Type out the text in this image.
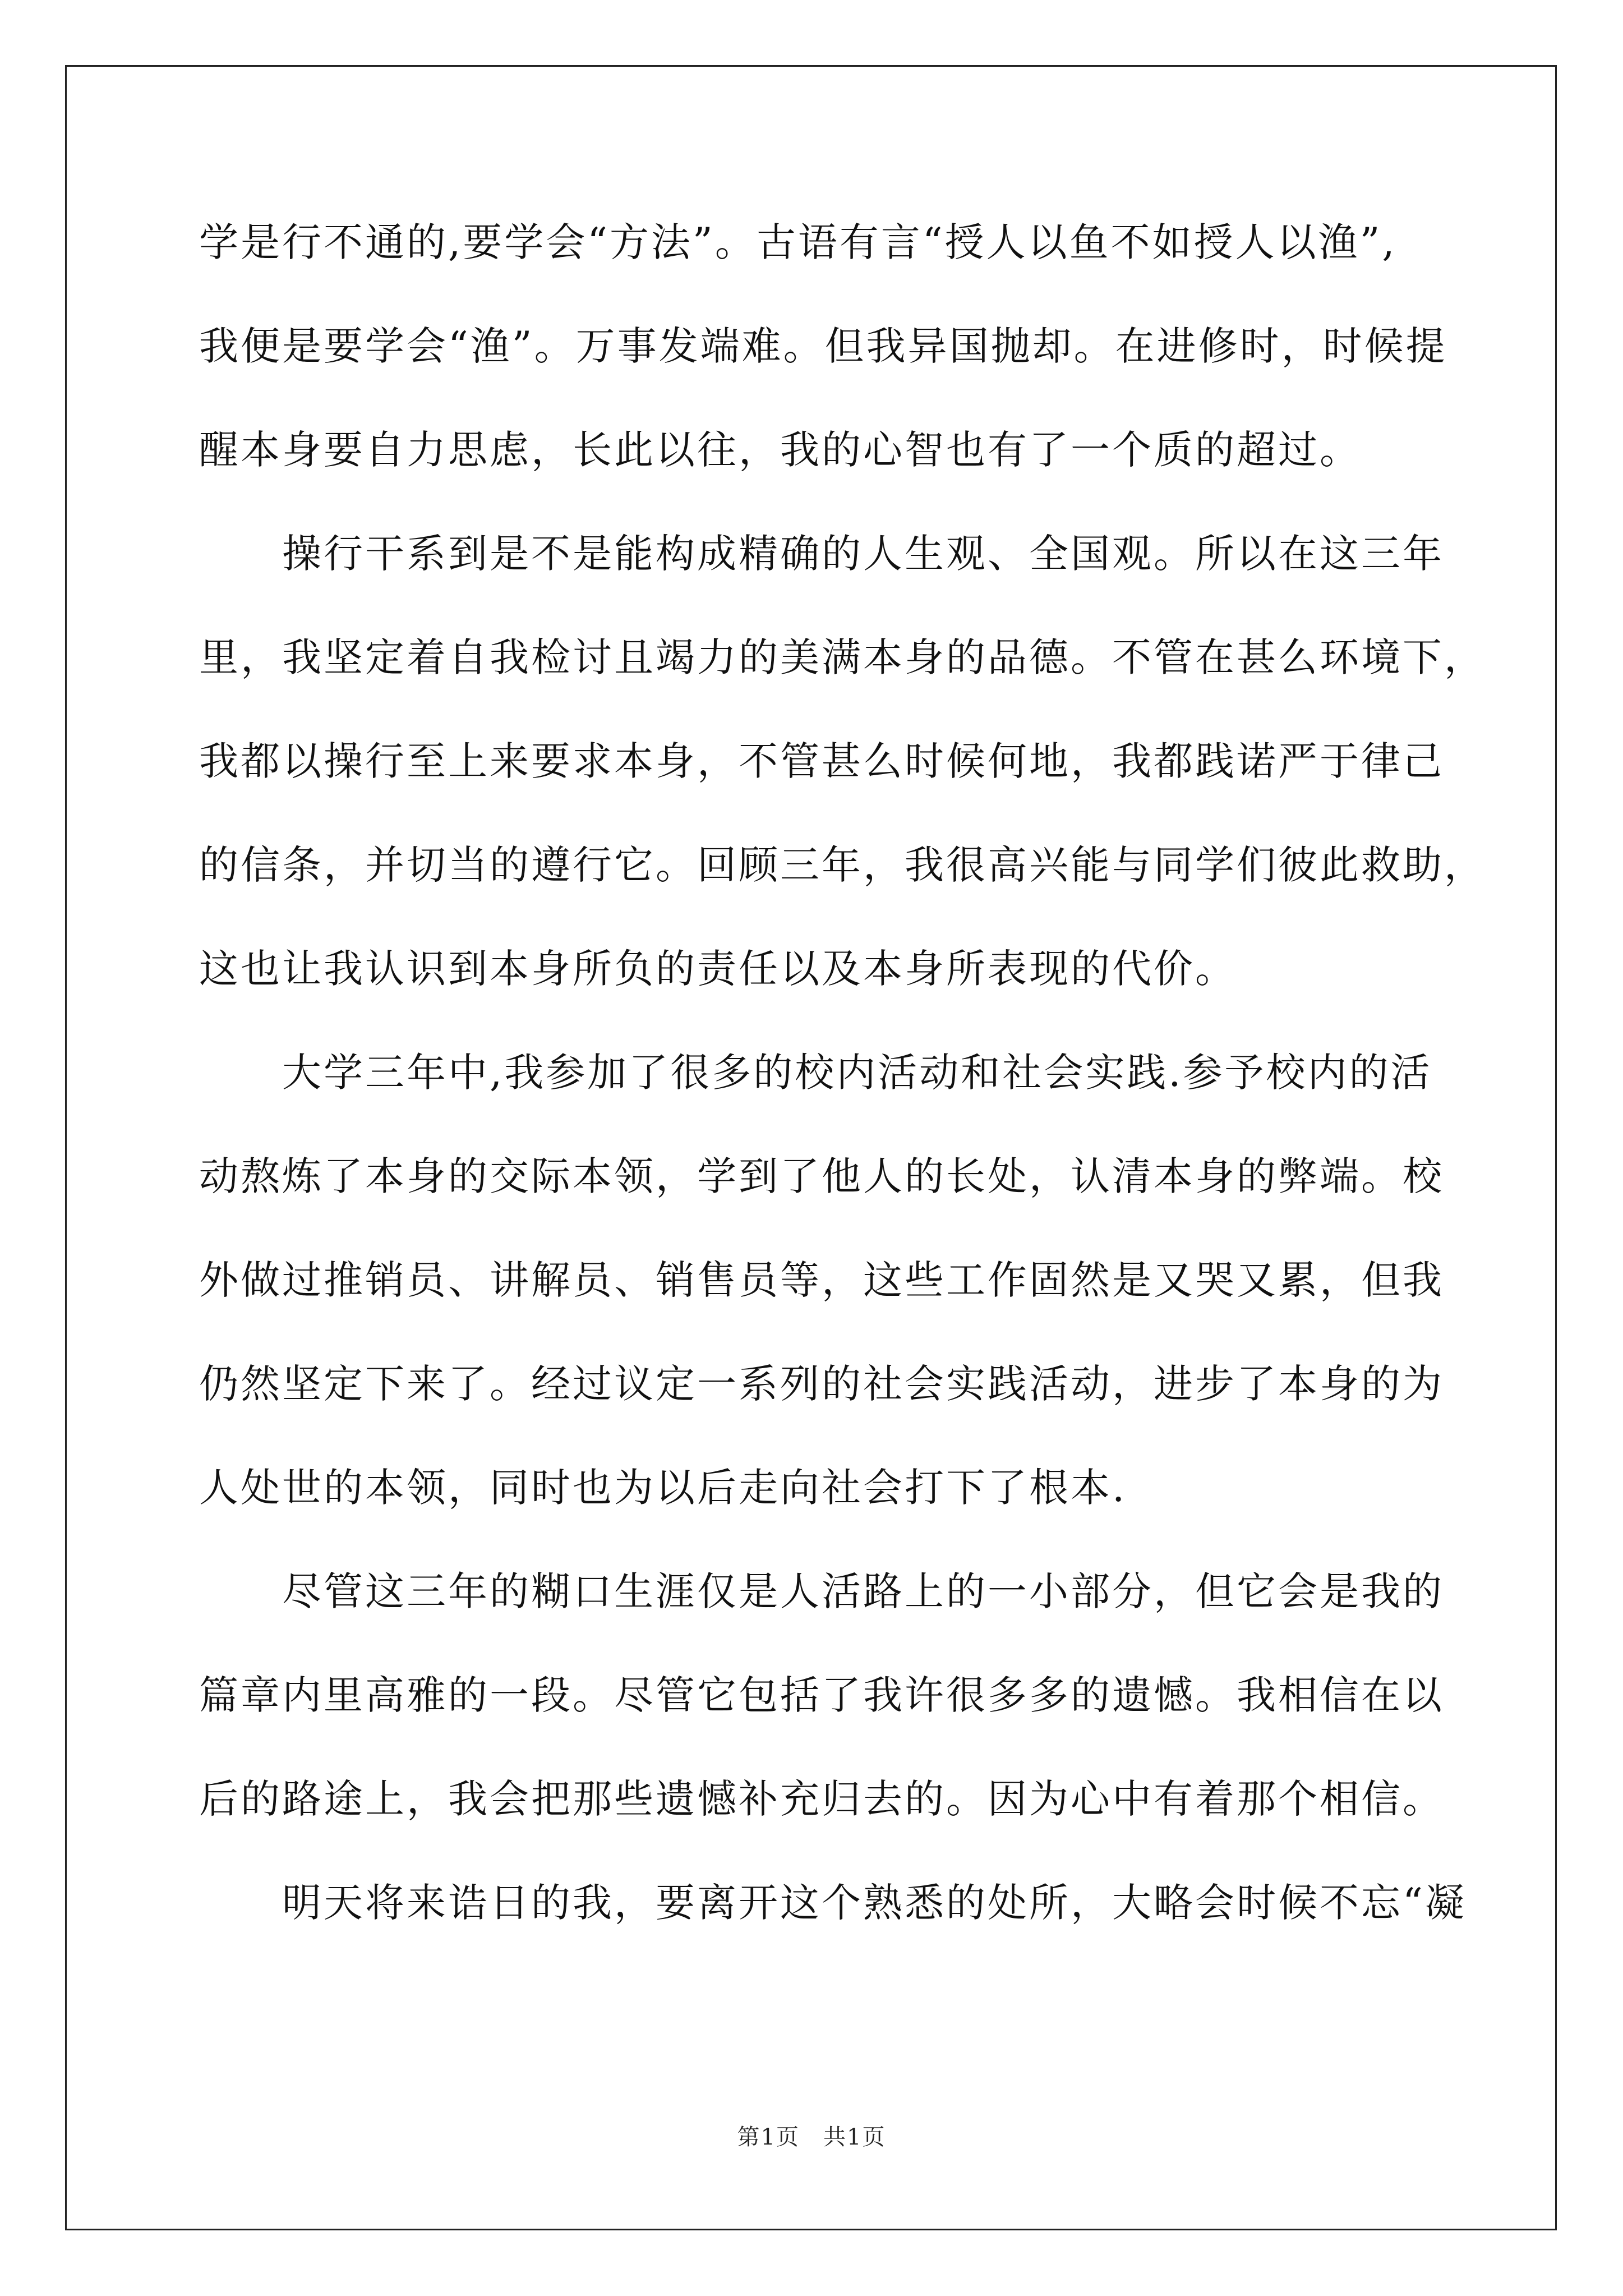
学是行不通的,要学会“方法”。古语有言“授人以鱼不如授人以渔”,
我便是要学会“渔”。万事发端难。但我异国抛却。在进修时，时候提
醒本身要自力思虑，长此以往，我的心智也有了一个质的超过。
操行干系到是不是能构成精确的人生观、全国观。所以在这三年
里，我坚定着自我检讨且竭力的美满本身的品德。不管在甚么环境下，
我都以操行至上来要求本身，不管甚么时候何地，我都践诺严于律己
的信条，并切当的遵行它。回顾三年，我很高兴能与同学们彼此救助，
这也让我认识到本身所负的责任以及本身所表现的代价。
大学三年中,我参加了很多的校内活动和社会实践.参予校内的活
动熬炼了本身的交际本领，学到了他人的长处，认清本身的弊端。校
外做过推销员、讲解员、销售员等，这些工作固然是又哭又累，但我
仍然坚定下来了。经过议定一系列的社会实践活动，进步了本身的为
人处世的本领，同时也为以后走向社会打下了根本.
尽管这三年的糊口生涯仅是人活路上的一小部分，但它会是我的
篇章内里高雅的一段。尽管它包括了我许很多多的遗憾。我相信在以
后的路途上，我会把那些遗憾补充归去的。因为心中有着那个相信。
明天将来诰日的我，要离开这个熟悉的处所，大略会时候不忘“凝
第1页　共1页
